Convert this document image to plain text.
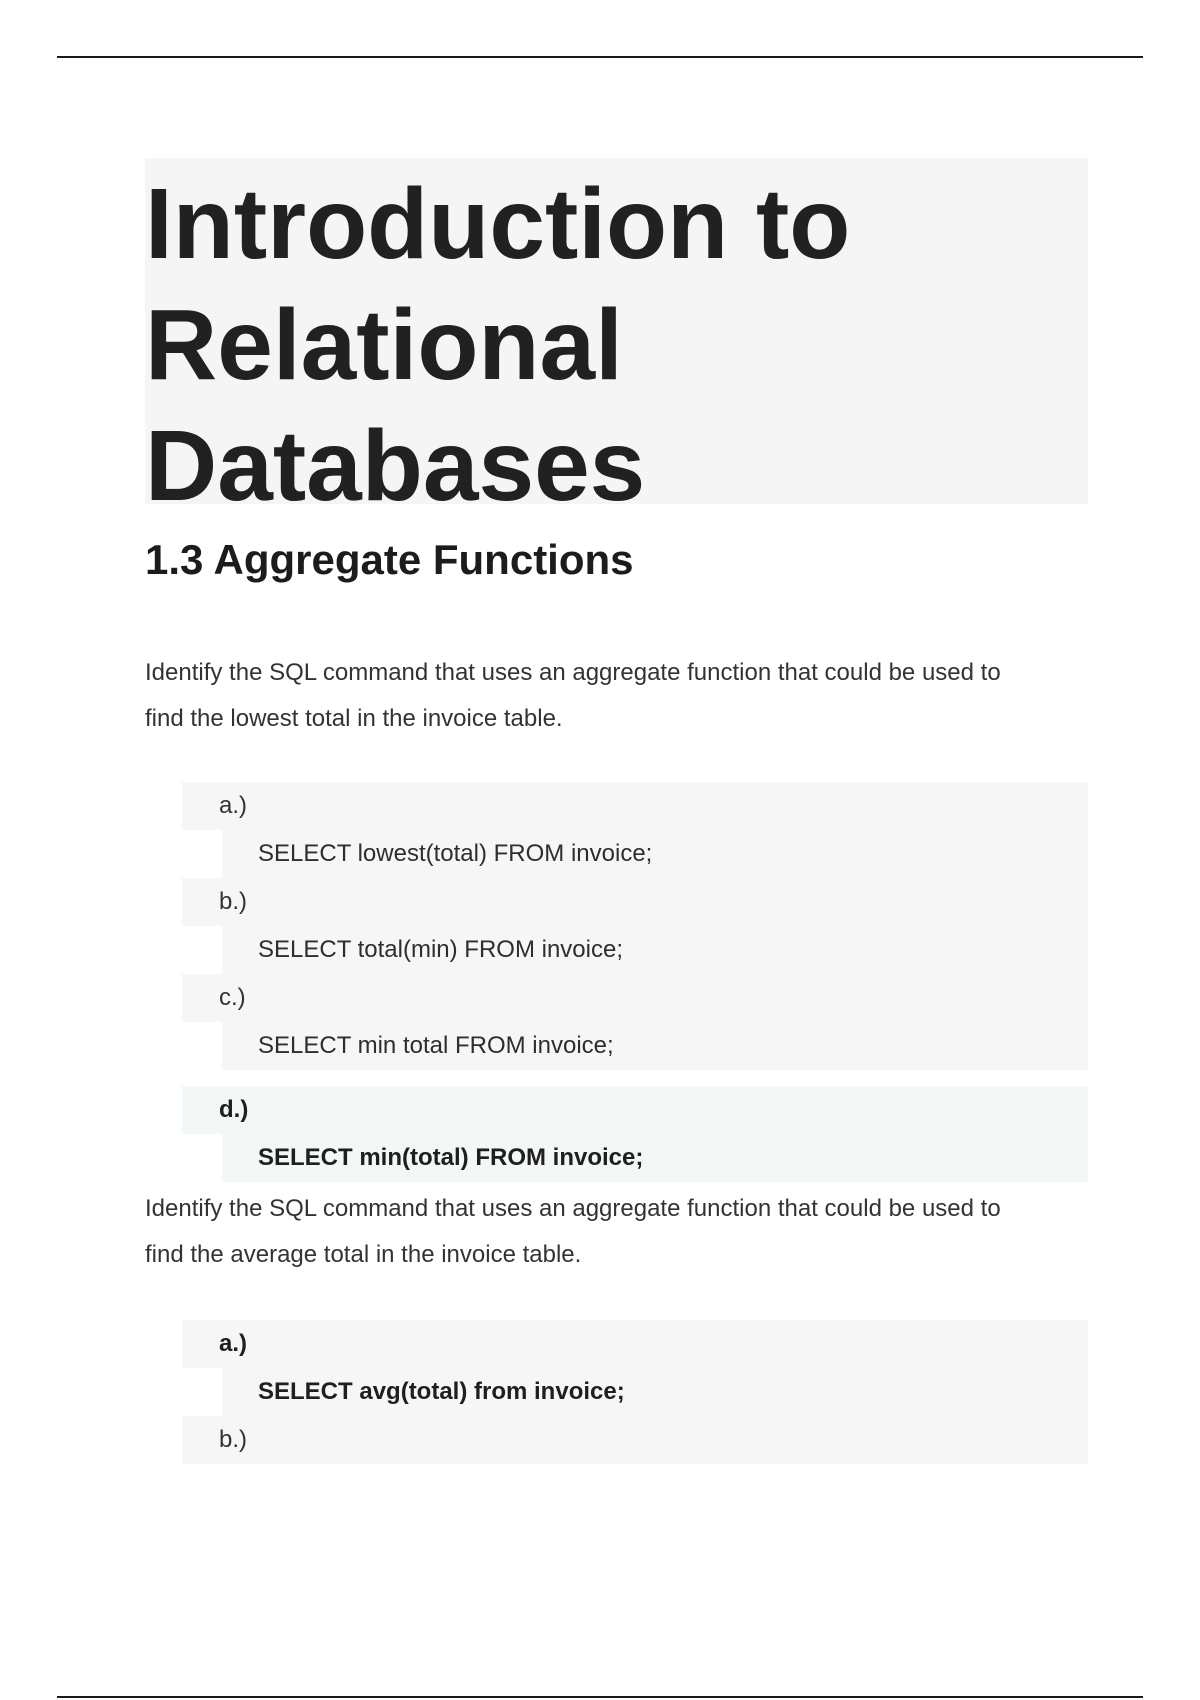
Introduction to
Relational
Databases
1.3 Aggregate Functions

Identify the SQL command that uses an aggregate function that could be used to
find the lowest total in the invoice table.

a.)
SELECT lowest(total) FROM invoice;
b.)
SELECT total(min) FROM invoice;
c.)
SELECT min total FROM invoice;
d.)
SELECT min(total) FROM invoice;

Identify the SQL command that uses an aggregate function that could be used to
find the average total in the invoice table.

a.)
SELECT avg(total) from invoice;
b.)
